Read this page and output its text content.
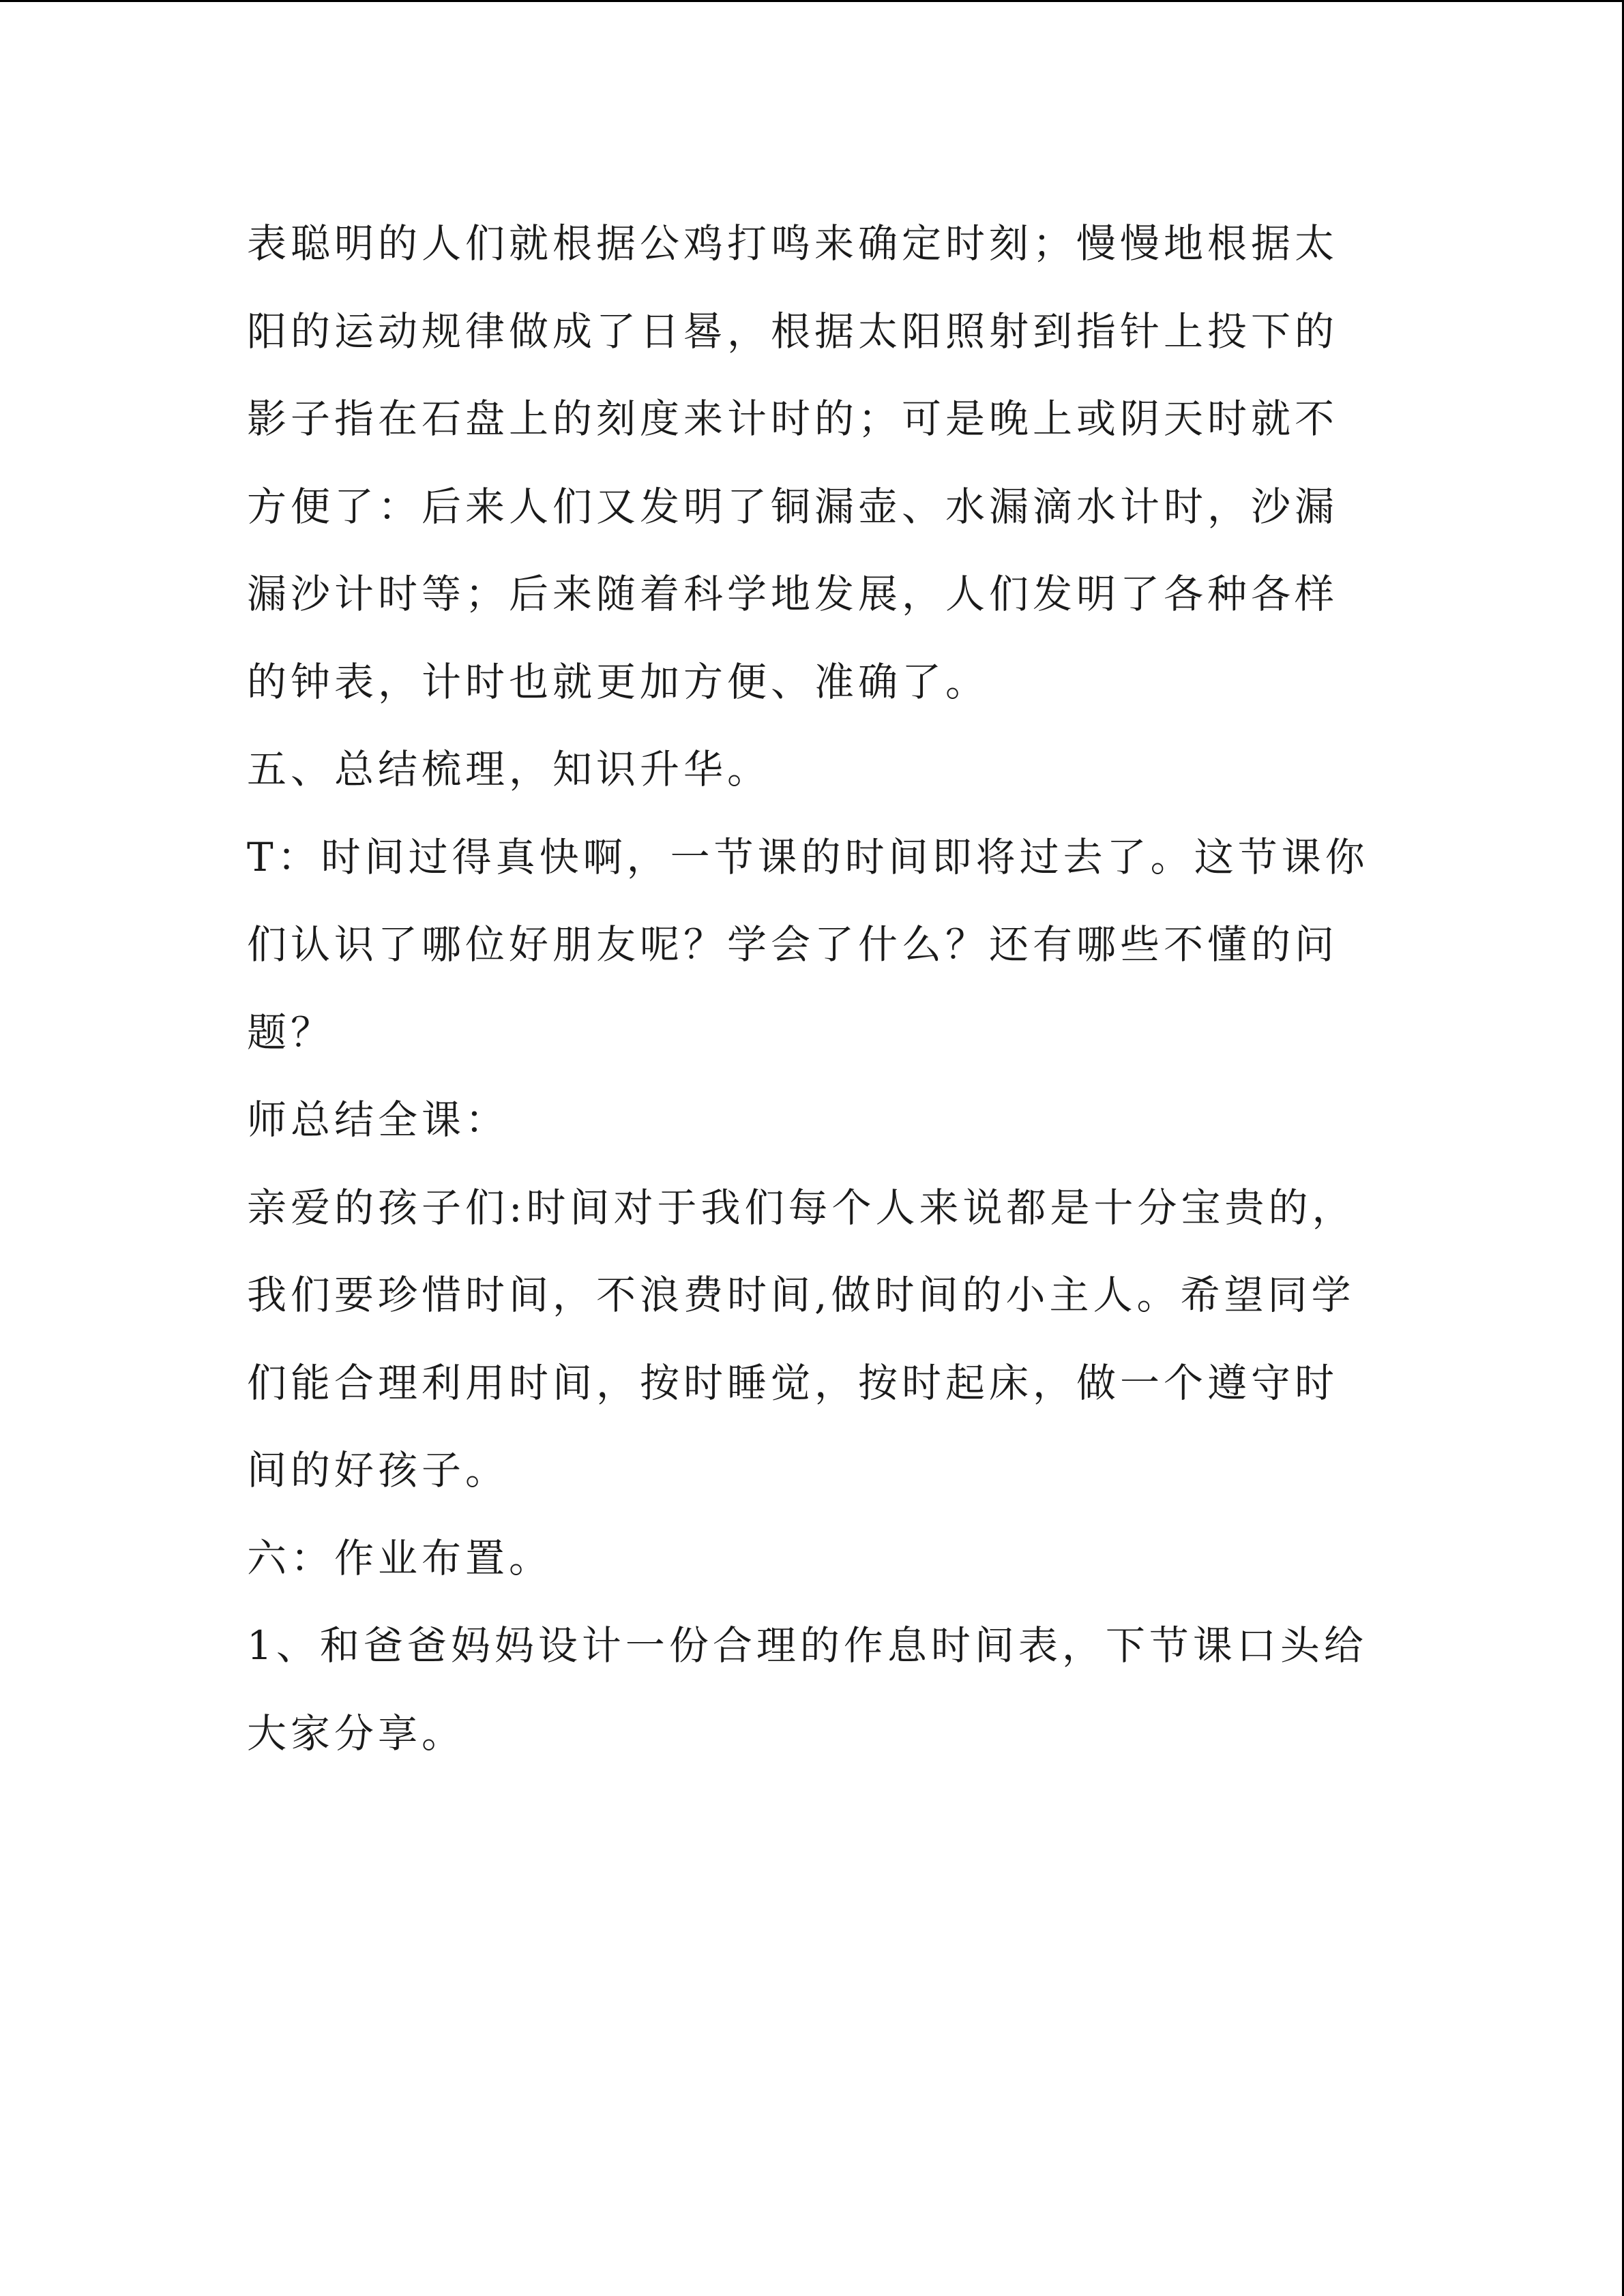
表聪明的人们就根据公鸡打鸣来确定时刻；慢慢地根据太
阳的运动规律做成了日晷，根据太阳照射到指针上投下的
影子指在石盘上的刻度来计时的；可是晚上或阴天时就不
方便了：后来人们又发明了铜漏壶、水漏滴水计时，沙漏
漏沙计时等；后来随着科学地发展，人们发明了各种各样
的钟表，计时也就更加方便、准确了。
五、总结梳理，知识升华。
T：时间过得真快啊，一节课的时间即将过去了。这节课你
们认识了哪位好朋友呢？学会了什么？还有哪些不懂的问
题？
师总结全课：
亲爱的孩子们:时间对于我们每个人来说都是十分宝贵的，
我们要珍惜时间，不浪费时间,做时间的小主人。希望同学
们能合理利用时间，按时睡觉，按时起床，做一个遵守时
间的好孩子。
六：作业布置。
1、和爸爸妈妈设计一份合理的作息时间表，下节课口头给
大家分享。
